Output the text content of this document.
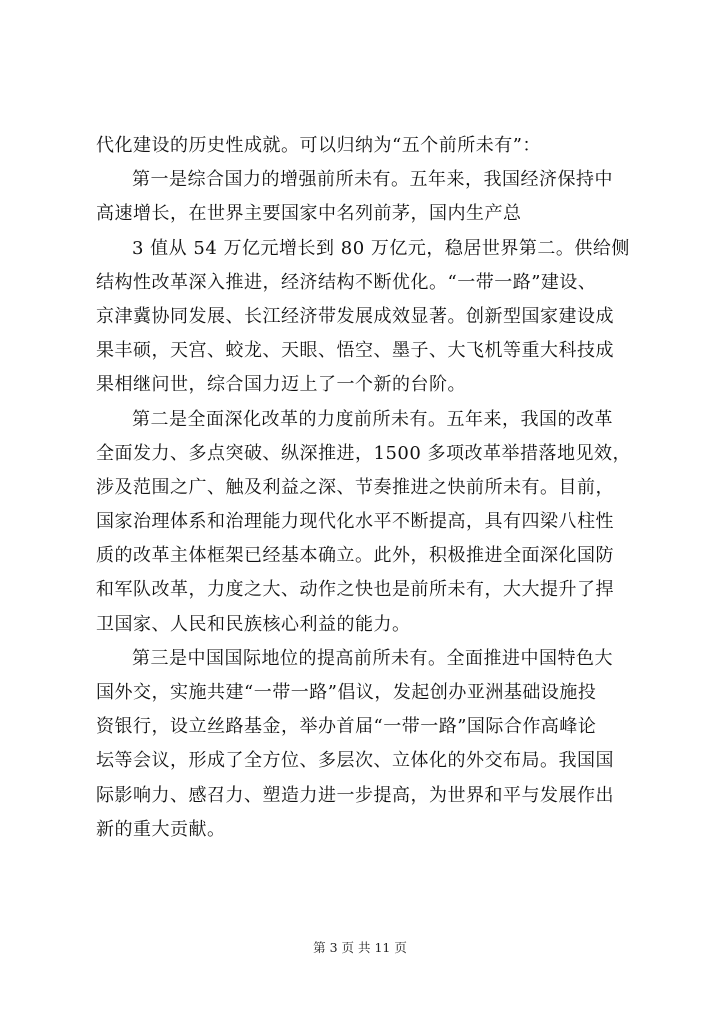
代化建设的历史性成就。可以归纳为“五个前所未有”：
第一是综合国力的增强前所未有。五年来，我国经济保持中
高速增长，在世界主要国家中名列前茅，国内生产总
3 值从 54 万亿元增长到 80 万亿元，稳居世界第二。供给侧
结构性改革深入推进，经济结构不断优化。“一带一路”建设、
京津冀协同发展、长江经济带发展成效显著。创新型国家建设成
果丰硕，天宫、蛟龙、天眼、悟空、墨子、大飞机等重大科技成
果相继问世，综合国力迈上了一个新的台阶。
第二是全面深化改革的力度前所未有。五年来，我国的改革
全面发力、多点突破、纵深推进，1500 多项改革举措落地见效，
涉及范围之广、触及利益之深、节奏推进之快前所未有。目前，
国家治理体系和治理能力现代化水平不断提高，具有四梁八柱性
质的改革主体框架已经基本确立。此外，积极推进全面深化国防
和军队改革，力度之大、动作之快也是前所未有，大大提升了捍
卫国家、人民和民族核心利益的能力。
第三是中国国际地位的提高前所未有。全面推进中国特色大
国外交，实施共建“一带一路”倡议，发起创办亚洲基础设施投
资银行，设立丝路基金，举办首届“一带一路”国际合作高峰论
坛等会议，形成了全方位、多层次、立体化的外交布局。我国国
际影响力、感召力、塑造力进一步提高，为世界和平与发展作出
新的重大贡献。
第 3 页 共 11 页
